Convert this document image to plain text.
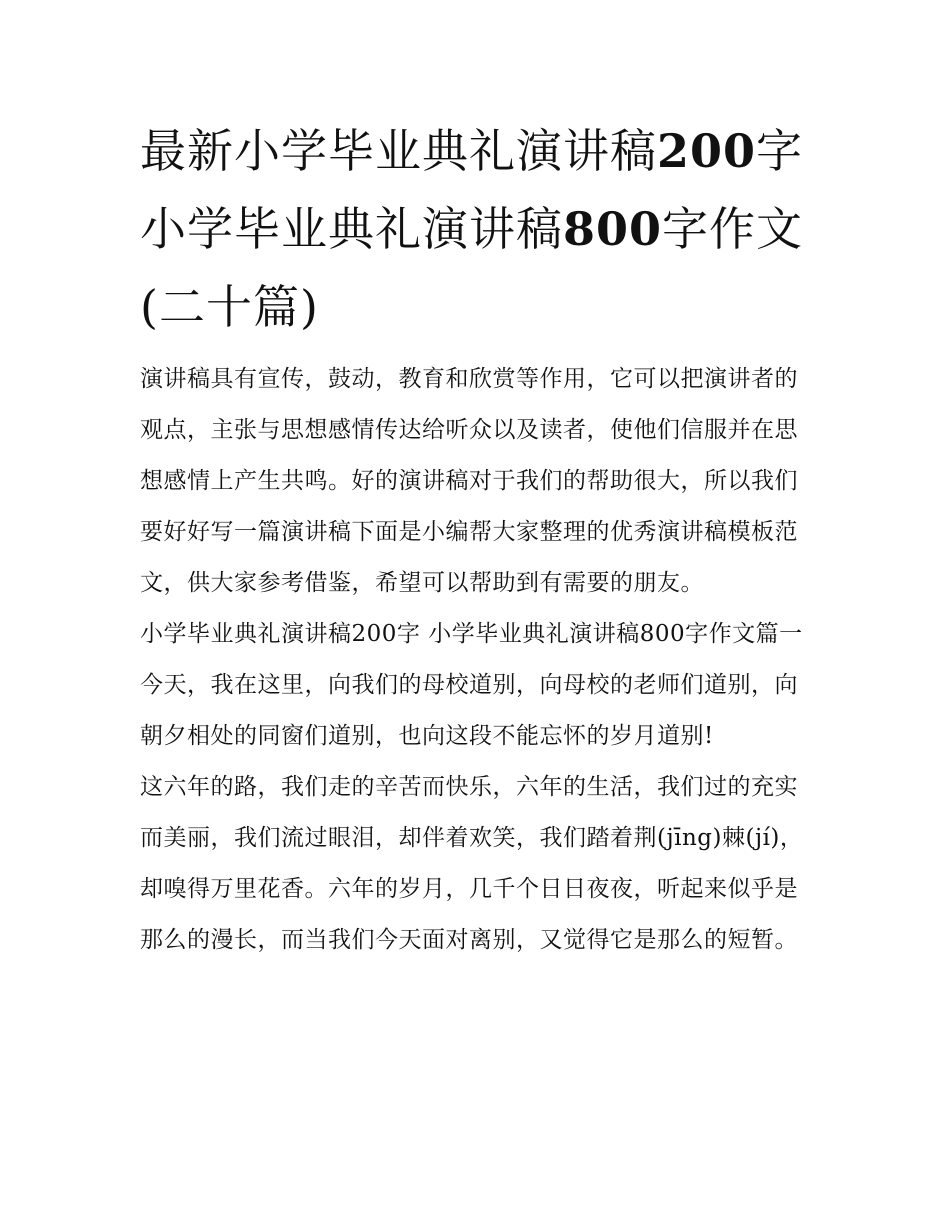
最新小学毕业典礼演讲稿200字 小学毕业典礼演讲稿800字作文(二十篇)

演讲稿具有宣传，鼓动，教育和欣赏等作用，它可以把演讲者的观点，主张与思想感情传达给听众以及读者，使他们信服并在思想感情上产生共鸣。好的演讲稿对于我们的帮助很大，所以我们要好好写一篇演讲稿下面是小编帮大家整理的优秀演讲稿模板范文，供大家参考借鉴，希望可以帮助到有需要的朋友。

小学毕业典礼演讲稿200字 小学毕业典礼演讲稿800字作文篇一

今天，我在这里，向我们的母校道别，向母校的老师们道别，向朝夕相处的同窗们道别，也向这段不能忘怀的岁月道别!

这六年的路，我们走的辛苦而快乐，六年的生活，我们过的充实而美丽，我们流过眼泪，却伴着欢笑，我们踏着荆(jīng)棘(jí)，却嗅得万里花香。六年的岁月，几千个日日夜夜，听起来似乎是那么的漫长，而当我们今天面对离别，又觉得它是那么的短暂。
